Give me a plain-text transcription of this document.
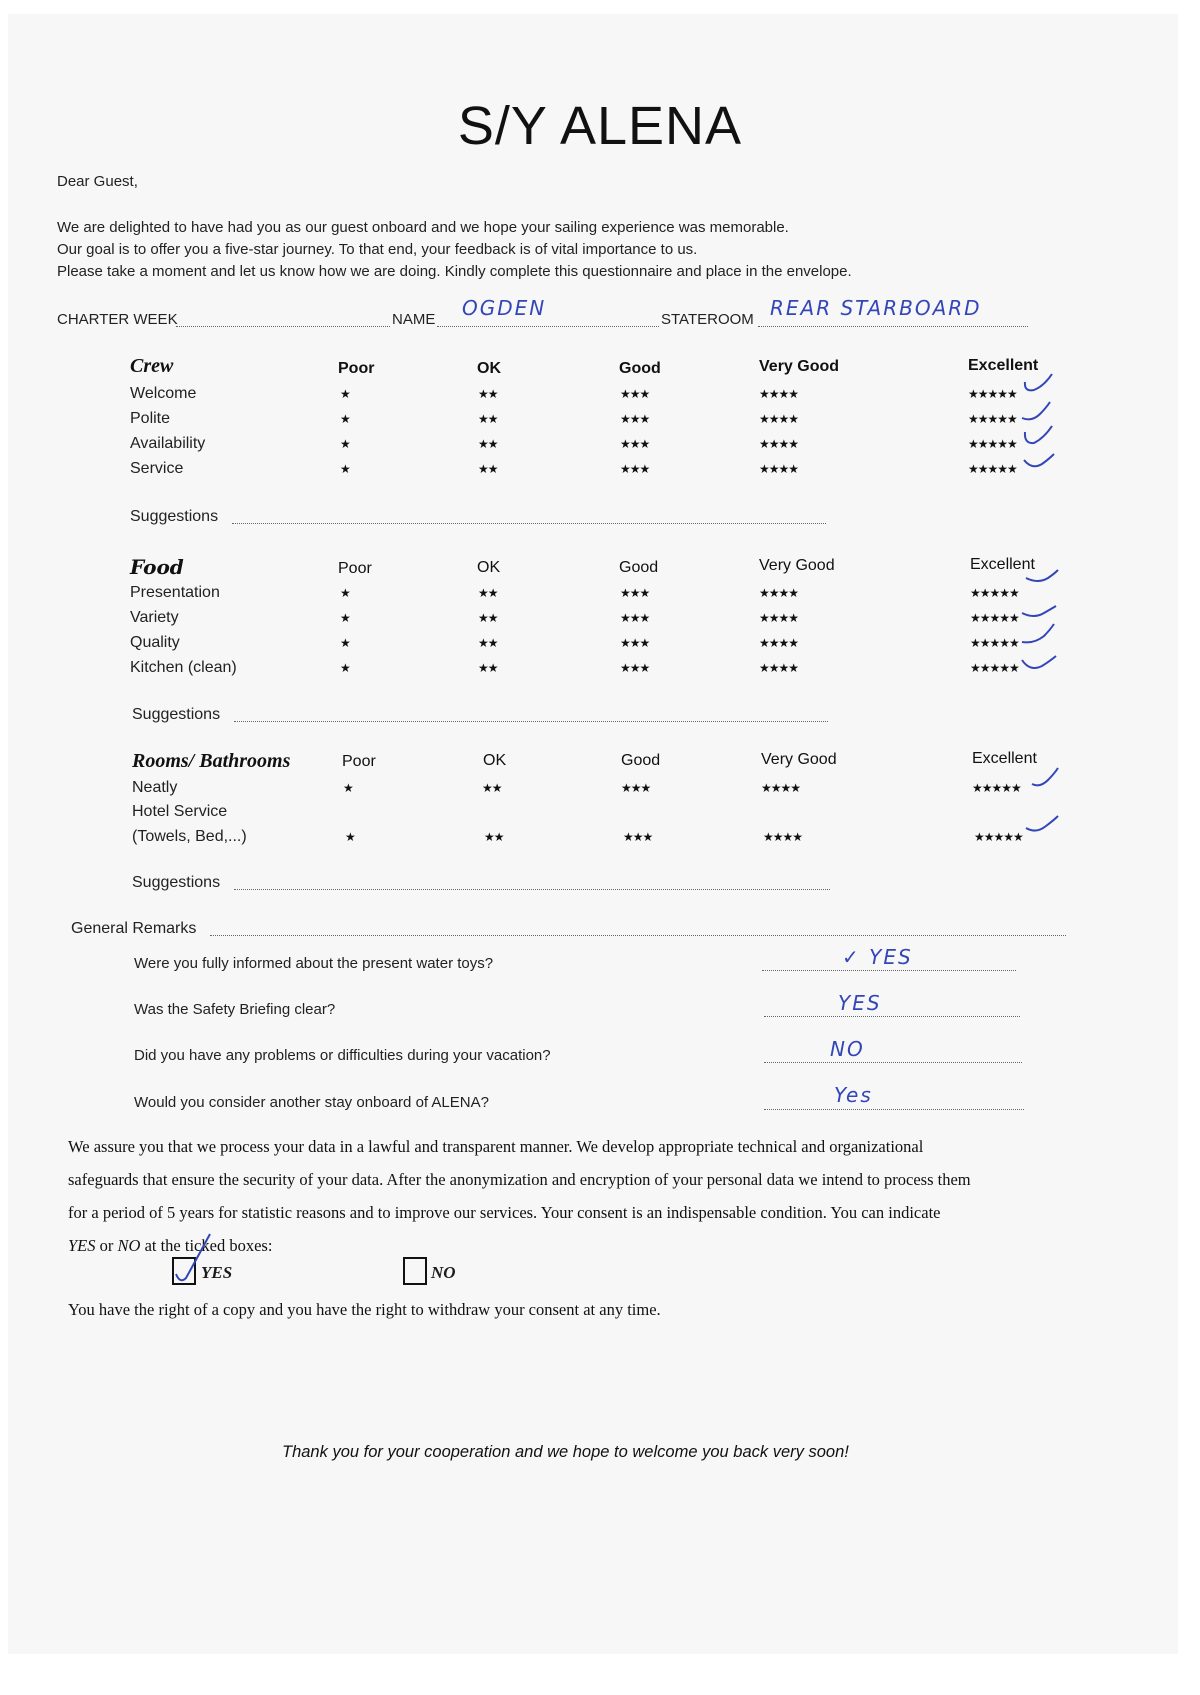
S/Y ALENA
Dear Guest,
We are delighted to have had you as our guest onboard and we hope your sailing experience was memorable.
Our goal is to offer you a five-star journey. To that end, your feedback is of vital importance to us.
Please take a moment and let us know how we are doing. Kindly complete this questionnaire and place in the envelope.
CHARTER WEEK	NAME OGDEN	STATEROOM REAR STARBOARD
Crew	Poor	OK	Good	Very Good	Excellent
Welcome	★	★★	★★★	★★★★	★★★★★
Polite	★	★★	★★★	★★★★	★★★★★
Availability	★	★★	★★★	★★★★	★★★★★
Service	★	★★	★★★	★★★★	★★★★★
Suggestions
Food	Poor	OK	Good	Very Good	Excellent
Presentation	★	★★	★★★	★★★★	★★★★★
Variety	★	★★	★★★	★★★★	★★★★★
Quality	★	★★	★★★	★★★★	★★★★★
Kitchen (clean)	★	★★	★★★	★★★★	★★★★★
Suggestions
Rooms/ Bathrooms	Poor	OK	Good	Very Good	Excellent
Neatly	★	★★	★★★	★★★★	★★★★★
Hotel Service
(Towels, Bed,...)	★	★★	★★★	★★★★	★★★★★
Suggestions
General Remarks
Were you fully informed about the present water toys?	✓ YES
Was the Safety Briefing clear?	YES
Did you have any problems or difficulties during your vacation?	NO
Would you consider another stay onboard of ALENA?	Yes
We assure you that we process your data in a lawful and transparent manner. We develop appropriate technical and organizational
safeguards that ensure the security of your data. After the anonymization and encryption of your personal data we intend to process them
for a period of 5 years for statistic reasons and to improve our services. Your consent is an indispensable condition. You can indicate
YES or NO at the ticked boxes:
YES	NO
You have the right of a copy and you have the right to withdraw your consent at any time.
Thank you for your cooperation and we hope to welcome you back very soon!
